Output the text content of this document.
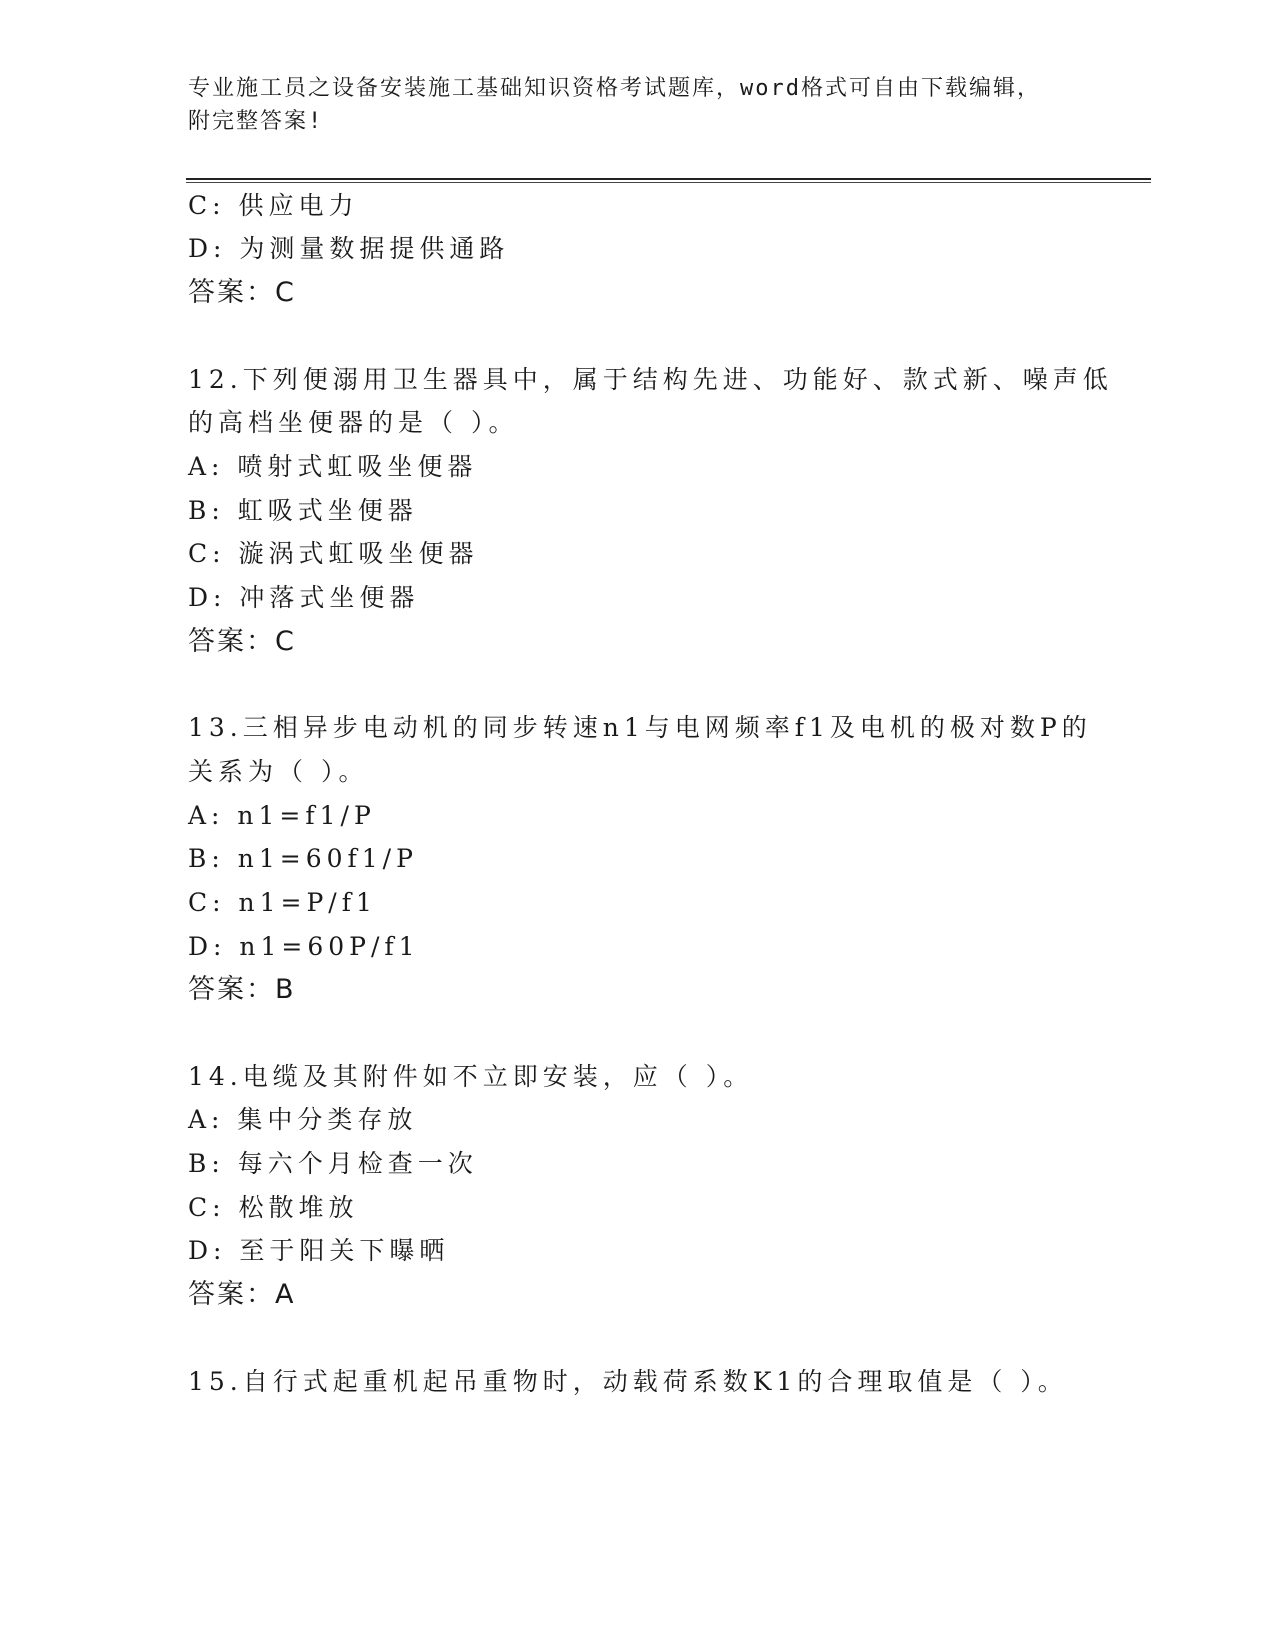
专业施工员之设备安装施工基础知识资格考试题库，word格式可自由下载编辑，
附完整答案!
C: 供应电力
D: 为测量数据提供通路
答案：C
12.下列便溺用卫生器具中，属于结构先进、功能好、款式新、噪声低
的高档坐便器的是（ ）。
A: 喷射式虹吸坐便器
B: 虹吸式坐便器
C: 漩涡式虹吸坐便器
D: 冲落式坐便器
答案：C
13.三相异步电动机的同步转速n1与电网频率f1及电机的极对数P的
关系为（ ）。
A: n1=f1/P
B: n1=60f1/P
C: n1=P/f1
D: n1=60P/f1
答案：B
14.电缆及其附件如不立即安装，应（ ）。
A: 集中分类存放
B: 每六个月检查一次
C: 松散堆放
D: 至于阳关下曝晒
答案：A
15.自行式起重机起吊重物时，动载荷系数K1的合理取值是（ ）。
